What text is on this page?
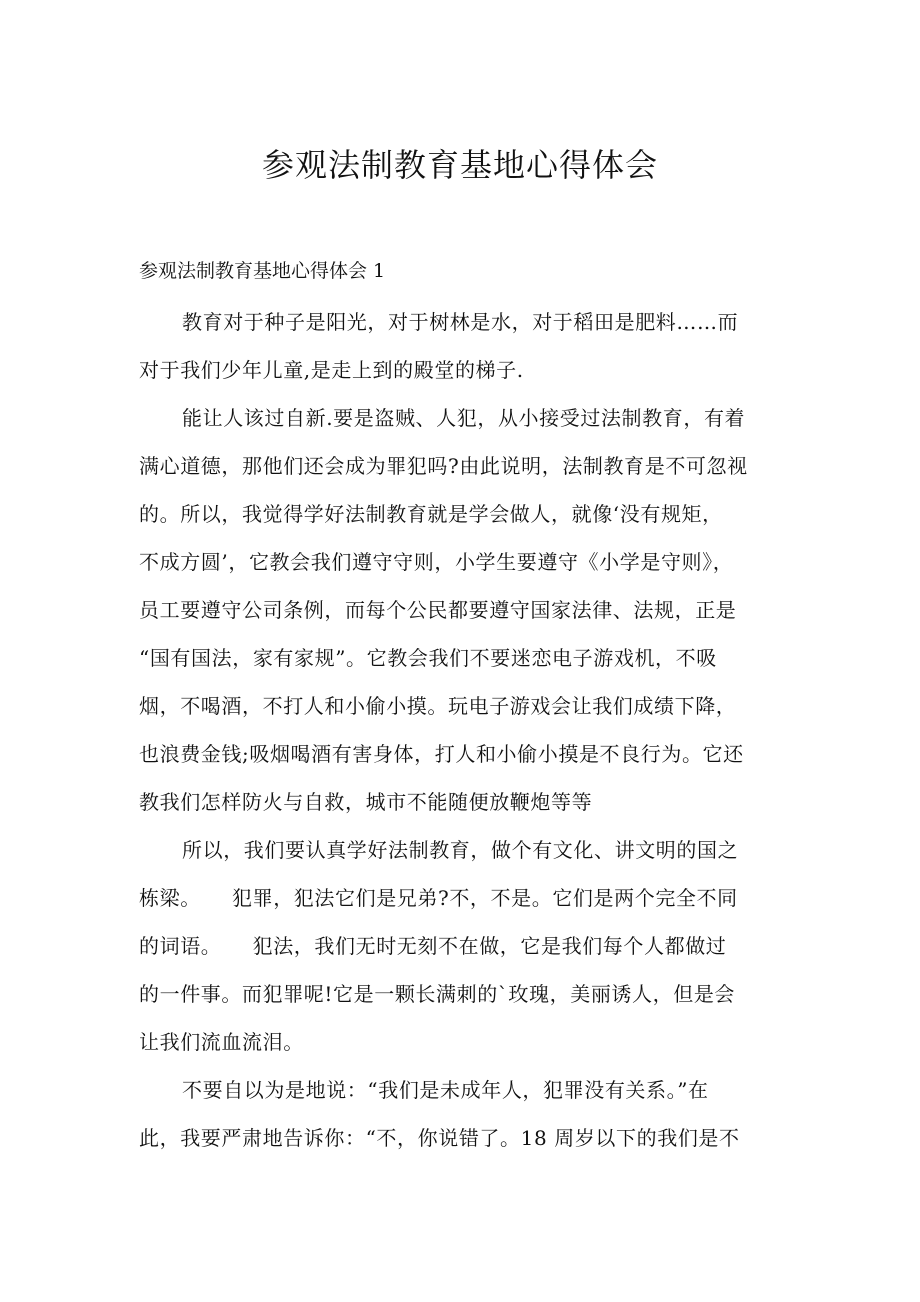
参观法制教育基地心得体会

参观法制教育基地心得体会 1

教育对于种子是阳光，对于树林是水，对于稻田是肥料……而

对于我们少年儿童,是走上到的殿堂的梯子.

能让人该过自新.要是盗贼、人犯，从小接受过法制教育，有着

满心道德，那他们还会成为罪犯吗?由此说明，法制教育是不可忽视

的。所以，我觉得学好法制教育就是学会做人，就像‘没有规矩，

不成方圆’，它教会我们遵守守则，小学生要遵守《小学是守则》，

员工要遵守公司条例，而每个公民都要遵守国家法律、法规，正是

“国有国法，家有家规”。它教会我们不要迷恋电子游戏机，不吸

烟，不喝酒，不打人和小偷小摸。玩电子游戏会让我们成绩下降，

也浪费金钱;吸烟喝酒有害身体，打人和小偷小摸是不良行为。它还

教我们怎样防火与自救，城市不能随便放鞭炮等等

所以，我们要认真学好法制教育，做个有文化、讲文明的国之

栋梁。　　犯罪，犯法它们是兄弟?不，不是。它们是两个完全不同

的词语。　　犯法，我们无时无刻不在做，它是我们每个人都做过

的一件事。而犯罪呢!它是一颗长满刺的`玫瑰，美丽诱人，但是会

让我们流血流泪。

不要自以为是地说：“我们是未成年人，犯罪没有关系。”在

此，我要严肃地告诉你：“不，你说错了。18 周岁以下的我们是不
